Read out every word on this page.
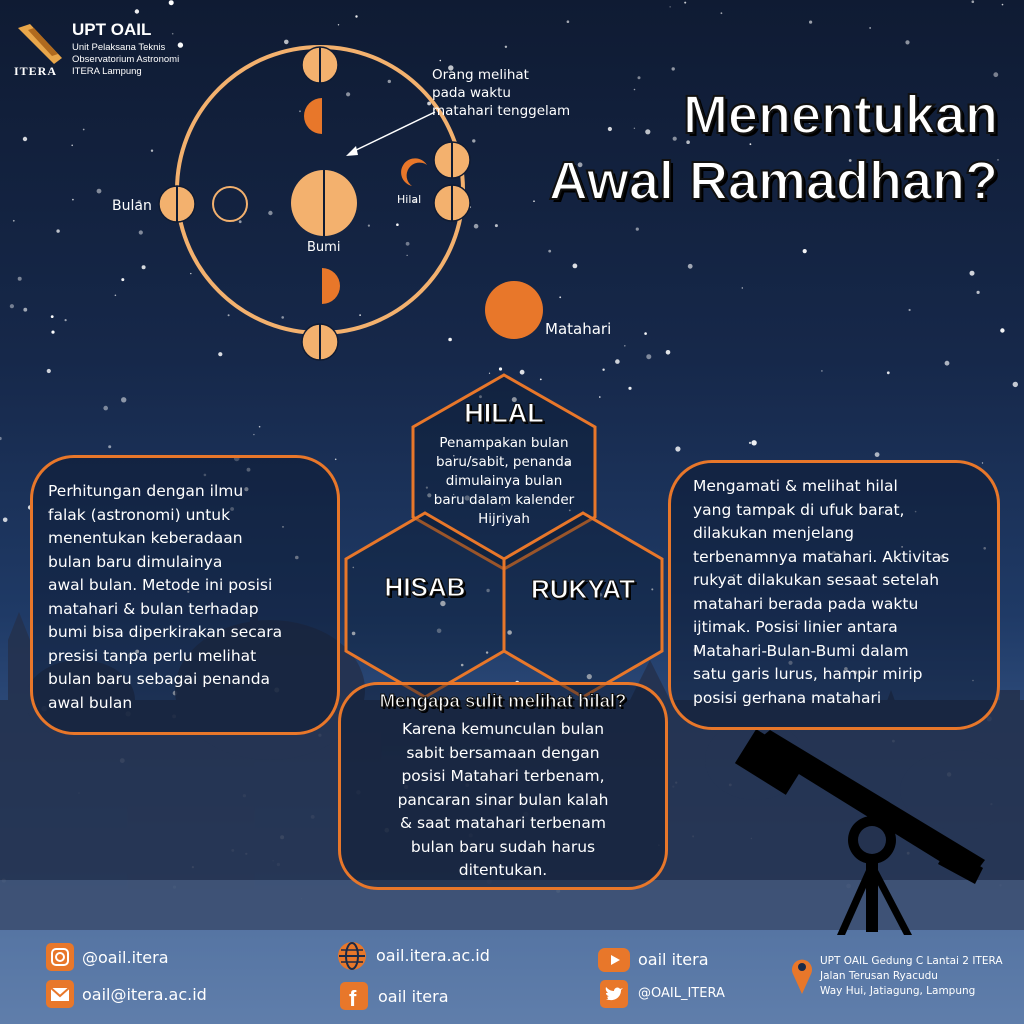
UPT OAIL
Unit Pelaksana Teknis
Observatorium Astronomi
ITERA Lampung
ITERA
Menentukan
Awal Ramadhan?
Orang melihat
pada waktu
matahari tenggelam
Bulan
Bumi
Hilal
Matahari
HILAL
Penampakan bulan
baru/sabit, penanda
dimulainya bulan
baru dalam kalender
Hijriyah
HISAB	RUKYAT
Perhitungan dengan ilmu
falak (astronomi) untuk
menentukan keberadaan
bulan baru dimulainya
awal bulan. Metode ini posisi
matahari & bulan terhadap
bumi bisa diperkirakan secara
presisi tanpa perlu melihat
bulan baru sebagai penanda
awal bulan
Mengamati & melihat hilal
yang tampak di ufuk barat,
dilakukan menjelang
terbenamnya matahari. Aktivitas
rukyat dilakukan sesaat setelah
matahari berada pada waktu
ijtimak. Posisi linier antara
Matahari-Bulan-Bumi dalam
satu garis lurus, hampir mirip
posisi gerhana matahari
Mengapa sulit melihat hilal?
Karena kemunculan bulan
sabit bersamaan dengan
posisi Matahari terbenam,
pancaran sinar bulan kalah
& saat matahari terbenam
bulan baru sudah harus
ditentukan.
@oail.itera
oail@itera.ac.id
oail.itera.ac.id
f oail itera
oail itera
@OAIL_ITERA
UPT OAIL Gedung C Lantai 2 ITERA
Jalan Terusan Ryacudu
Way Hui, Jatiagung, Lampung
